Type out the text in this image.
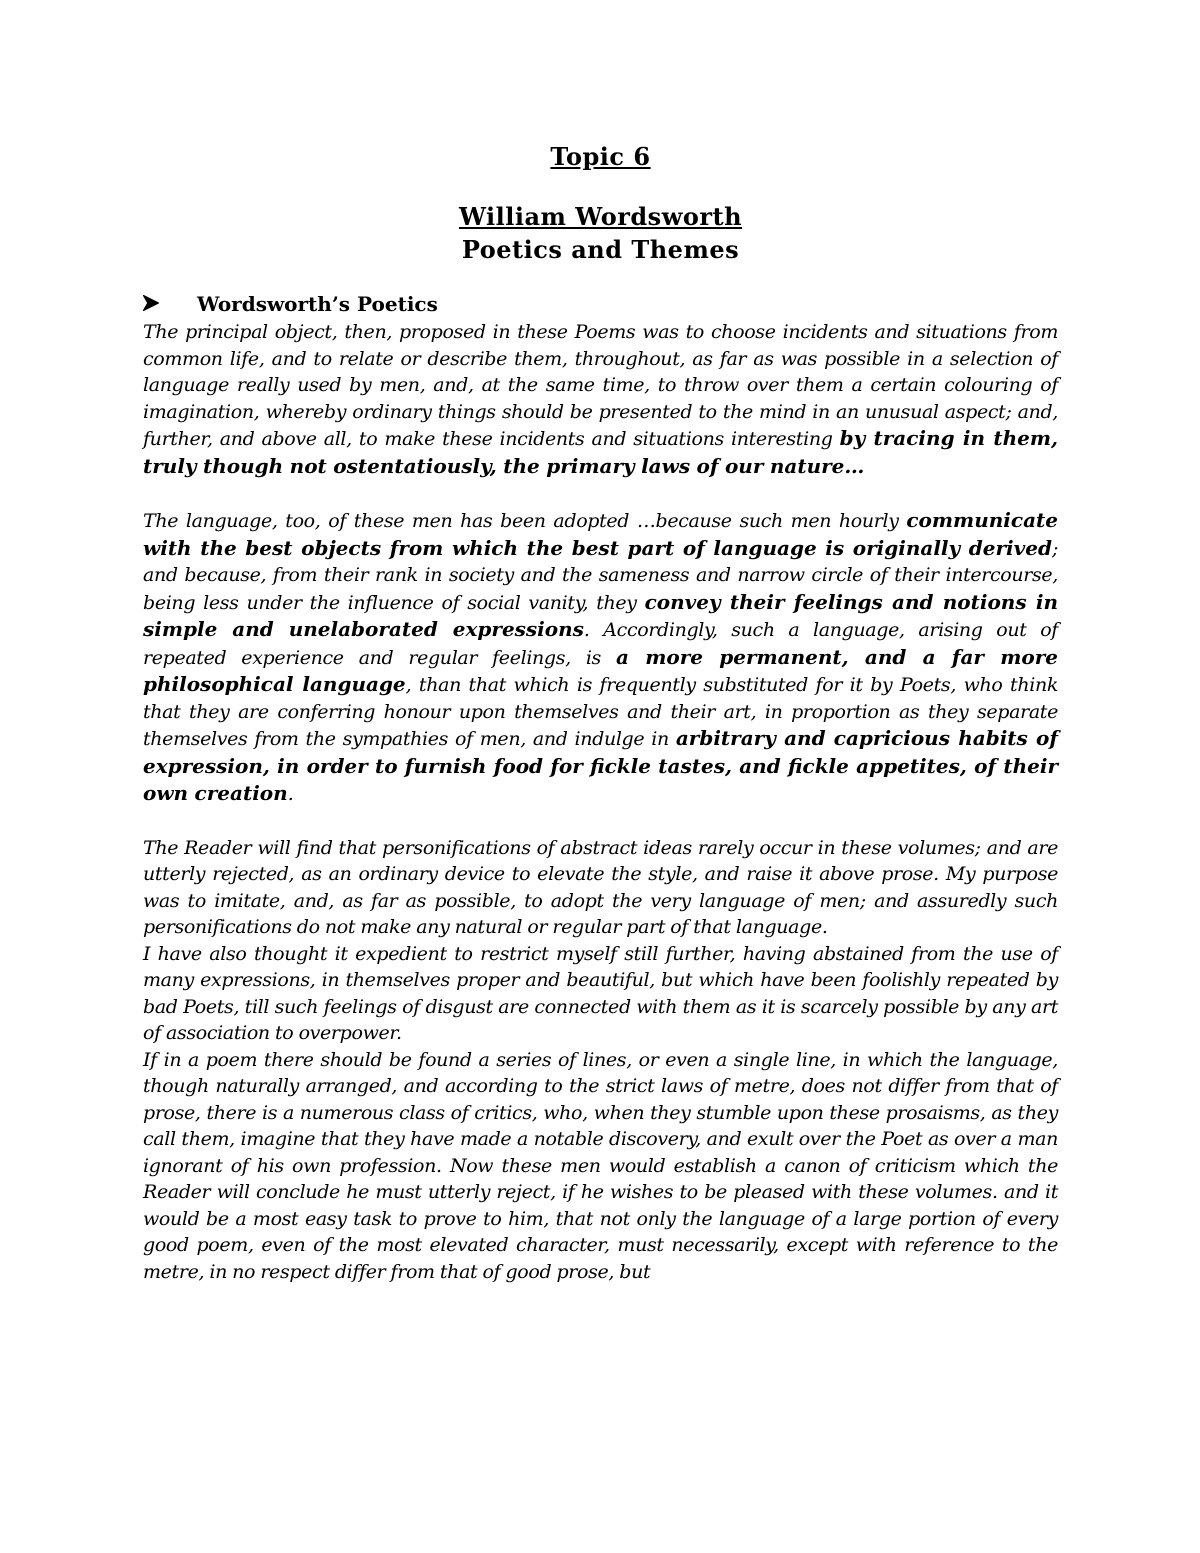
Topic 6
William Wordsworth
Poetics and Themes
Wordsworth’s Poetics

The principal object, then, proposed in these Poems was to choose incidents and situations from common life, and to relate or describe them, throughout, as far as was possible in a selection of language really used by men, and, at the same time, to throw over them a certain colouring of imagination, whereby ordinary things should be presented to the mind in an unusual aspect; and, further, and above all, to make these incidents and situations interesting by tracing in them, truly though not ostentatiously, the primary laws of our nature…

The language, too, of these men has been adopted …because such men hourly communicate with the best objects from which the best part of language is originally derived; and because, from their rank in society and the sameness and narrow circle of their intercourse, being less under the influence of social vanity, they convey their feelings and notions in simple and unelaborated expressions. Accordingly, such a language, arising out of repeated experience and regular feelings, is a more permanent, and a far more philosophical language, than that which is frequently substituted for it by Poets, who think that they are conferring honour upon themselves and their art, in proportion as they separate themselves from the sympathies of men, and indulge in arbitrary and capricious habits of expression, in order to furnish food for fickle tastes, and fickle appetites, of their own creation.

The Reader will find that personifications of abstract ideas rarely occur in these volumes; and are utterly rejected, as an ordinary device to elevate the style, and raise it above prose. My purpose was to imitate, and, as far as possible, to adopt the very language of men; and assuredly such personifications do not make any natural or regular part of that language.

I have also thought it expedient to restrict myself still further, having abstained from the use of many expressions, in themselves proper and beautiful, but which have been foolishly repeated by bad Poets, till such feelings of disgust are connected with them as it is scarcely possible by any art of association to overpower.

If in a poem there should be found a series of lines, or even a single line, in which the language, though naturally arranged, and according to the strict laws of metre, does not differ from that of prose, there is a numerous class of critics, who, when they stumble upon these prosaisms, as they call them, imagine that they have made a notable discovery, and exult over the Poet as over a man ignorant of his own profession. Now these men would establish a canon of criticism which the Reader will conclude he must utterly reject, if he wishes to be pleased with these volumes. and it would be a most easy task to prove to him, that not only the language of a large portion of every good poem, even of the most elevated character, must necessarily, except with reference to the metre, in no respect differ from that of good prose, but
